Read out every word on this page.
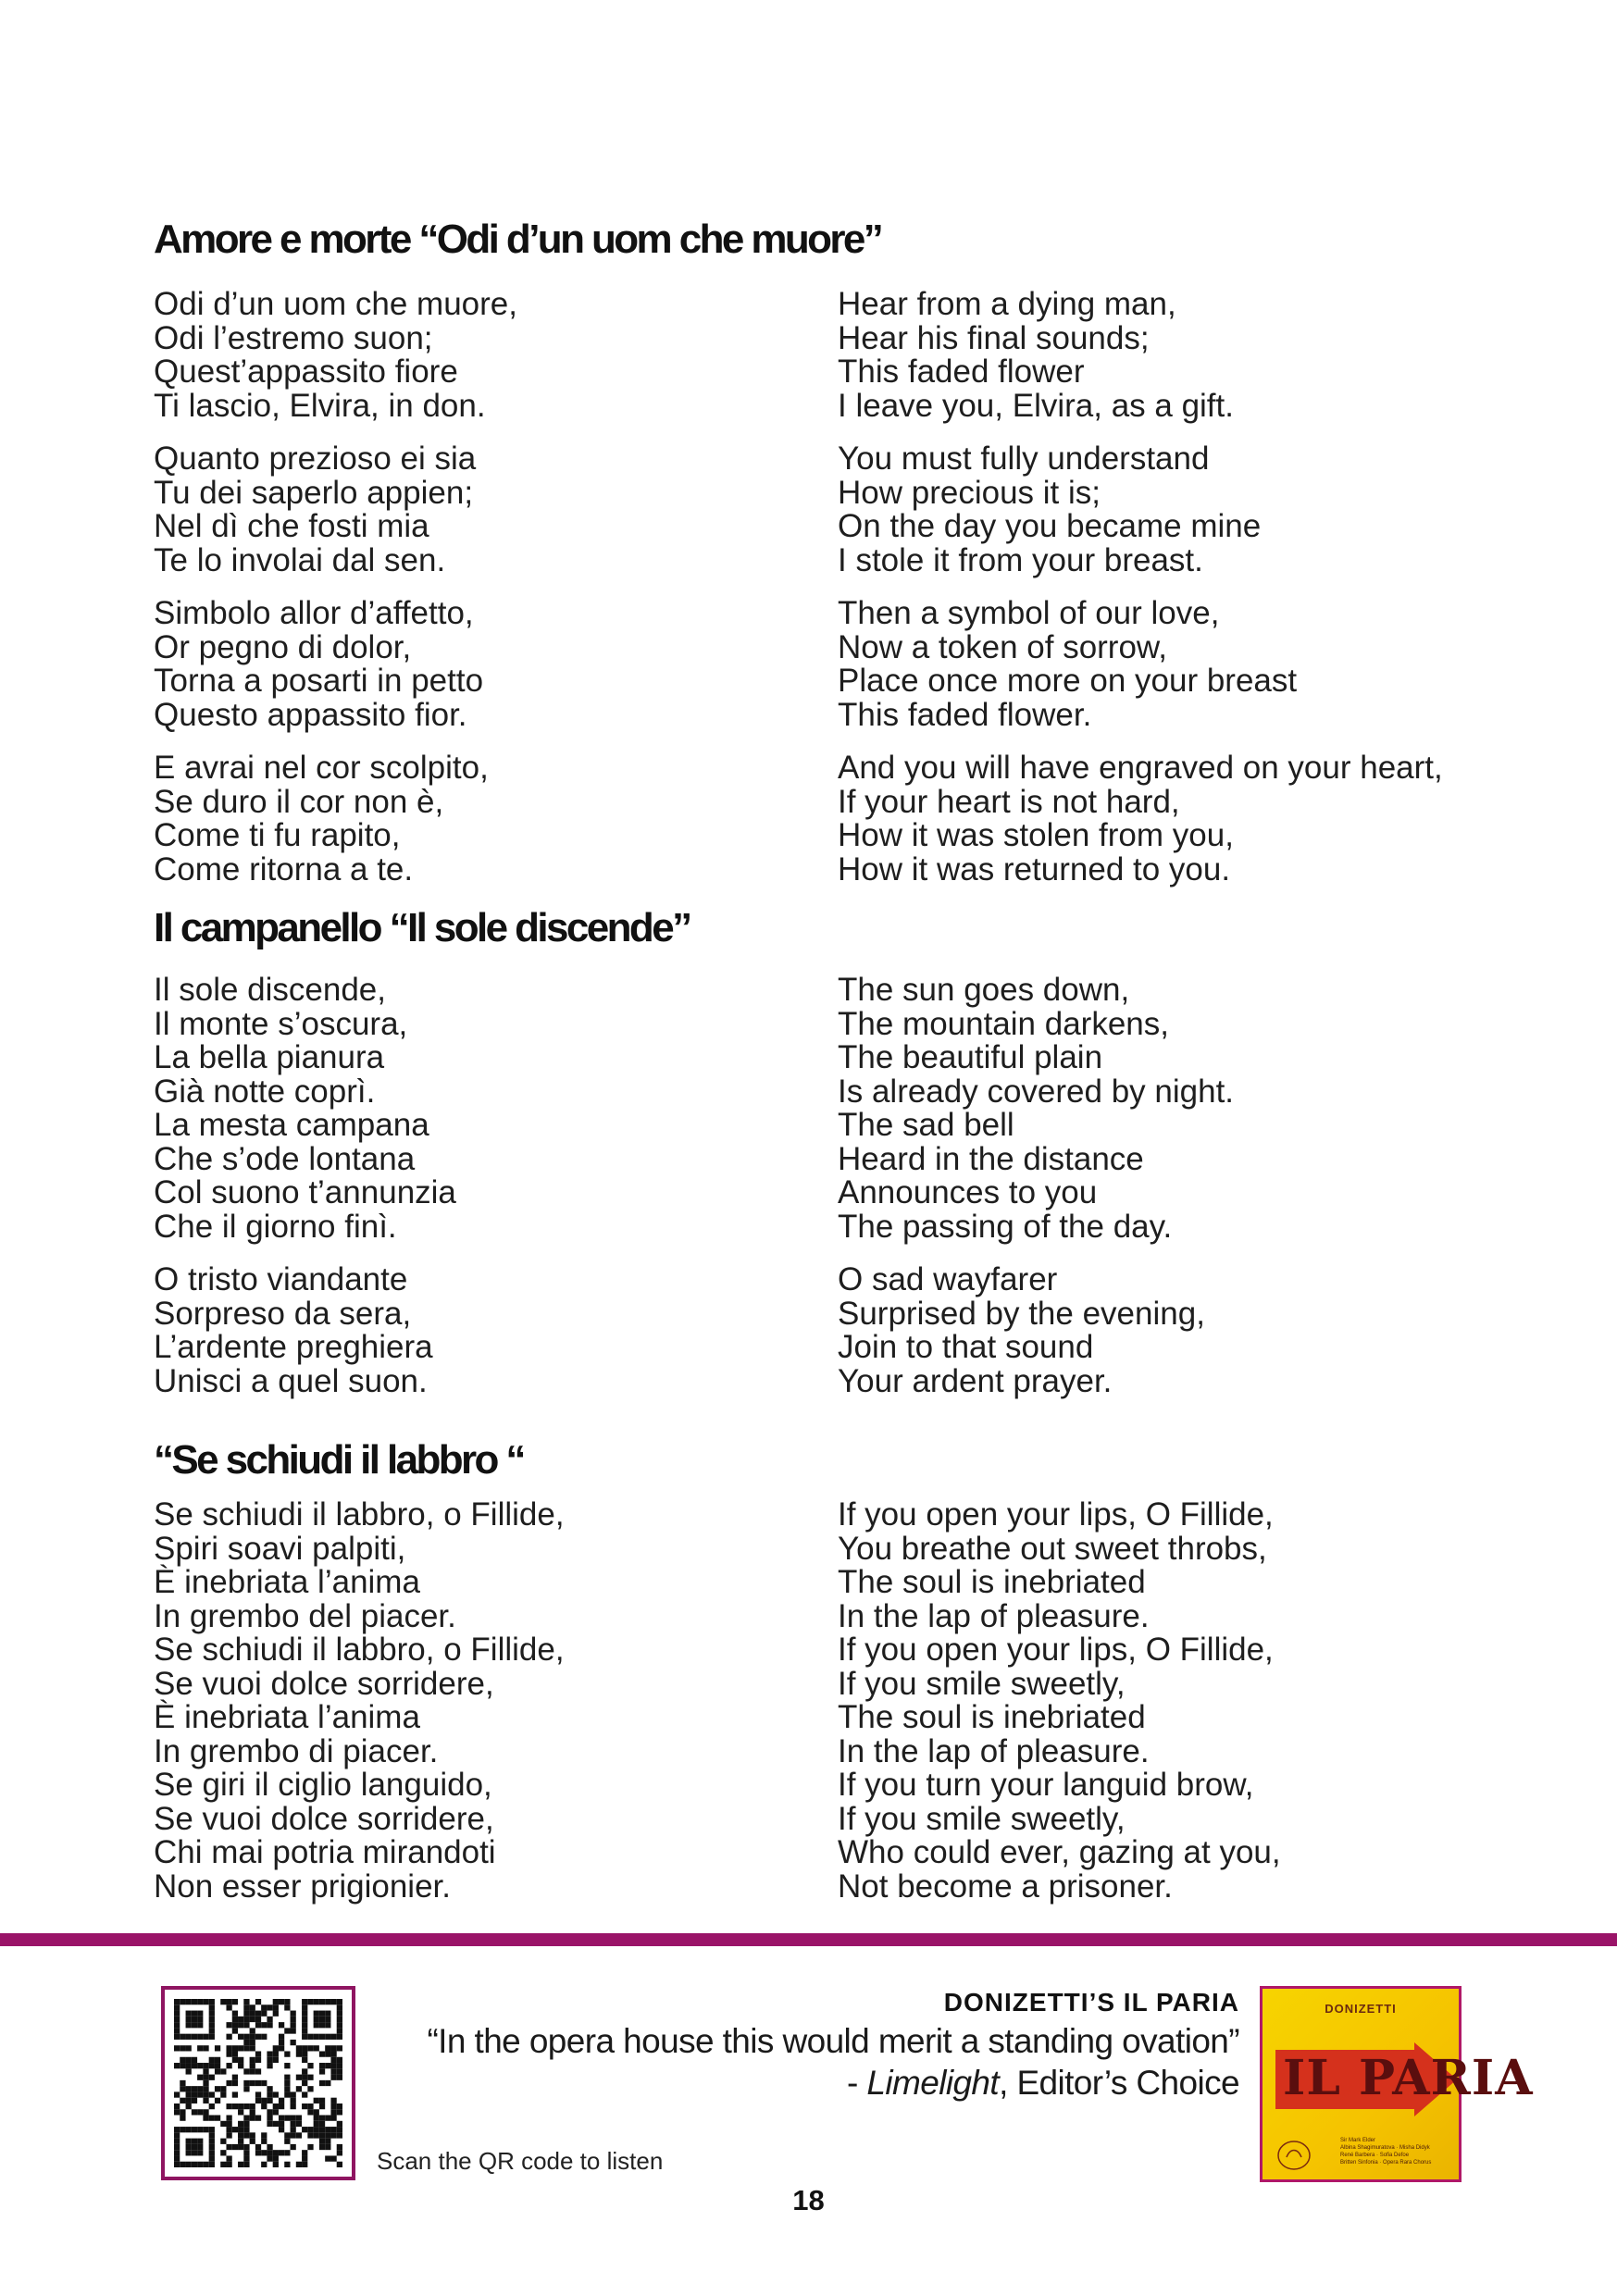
Amore e morte “Odi d’un uom che muore”

Odi d’un uom che muore,
Odi l’estremo suon;
Quest’appassito fiore
Ti lascio, Elvira, in don.

Quanto prezioso ei sia
Tu dei saperlo appien;
Nel dì che fosti mia
Te lo involai dal sen.

Simbolo allor d’affetto,
Or pegno di dolor,
Torna a posarti in petto
Questo appassito fior.

E avrai nel cor scolpito,
Se duro il cor non è,
Come ti fu rapito,
Come ritorna a te.

Hear from a dying man,
Hear his final sounds;
This faded flower
I leave you, Elvira, as a gift.

You must fully understand
How precious it is;
On the day you became mine
I stole it from your breast.

Then a symbol of our love,
Now a token of sorrow,
Place once more on your breast
This faded flower.

And you will have engraved on your heart,
If your heart is not hard,
How it was stolen from you,
How it was returned to you.

Il campanello “Il sole discende”

Il sole discende,
Il monte s’oscura,
La bella pianura
Già notte coprì.
La mesta campana
Che s’ode lontana
Col suono t’annunzia
Che il giorno finì.

O tristo viandante
Sorpreso da sera,
L’ardente preghiera
Unisci a quel suon.

The sun goes down,
The mountain darkens,
The beautiful plain
Is already covered by night.
The sad bell
Heard in the distance
Announces to you
The passing of the day.

O sad wayfarer
Surprised by the evening,
Join to that sound
Your ardent prayer.

“Se schiudi il labbro “

Se schiudi il labbro, o Fillide,
Spiri soavi palpiti,
È inebriata l’anima
In grembo del piacer.
Se schiudi il labbro, o Fillide,
Se vuoi dolce sorridere,
È inebriata l’anima
In grembo di piacer.
Se giri il ciglio languido,
Se vuoi dolce sorridere,
Chi mai potria mirandoti
Non esser prigionier.

If you open your lips, O Fillide,
You breathe out sweet throbs,
The soul is inebriated
In the lap of pleasure.
If you open your lips, O Fillide,
If you smile sweetly,
The soul is inebriated
In the lap of pleasure.
If you turn your languid brow,
If you smile sweetly,
Who could ever, gazing at you,
Not become a prisoner.

DONIZETTI’S IL PARIA
“In the opera house this would merit a standing ovation”
- Limelight, Editor’s Choice
Scan the QR code to listen
DONIZETTI
IL PARIA
Sir Mark Elder
Albina Shagimuratova · Misha Didyk
René Barbera · Sofia Defoe
Britten Sinfonia · Opera Rara Chorus
18
